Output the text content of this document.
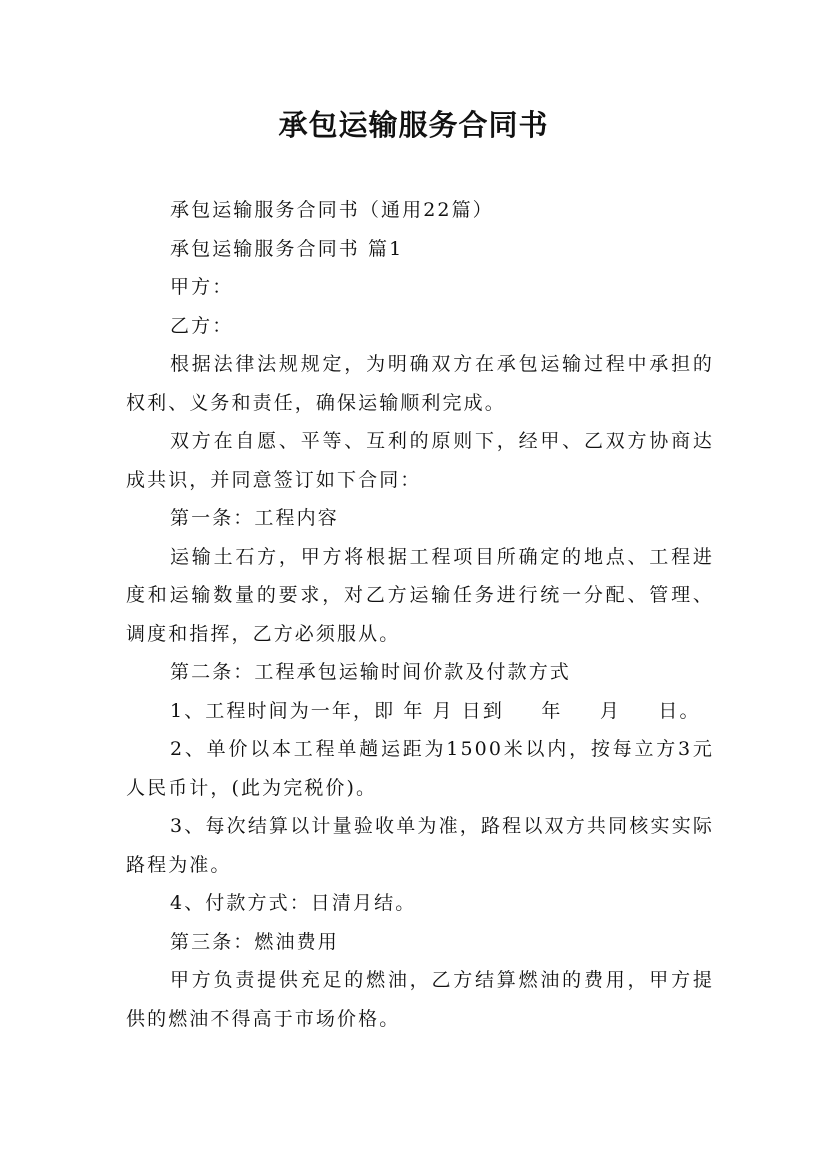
承包运输服务合同书

承包运输服务合同书（通用22篇）

承包运输服务合同书 篇1

甲方：

乙方：

根据法律法规规定，为明确双方在承包运输过程中承担的权利、义务和责任，确保运输顺利完成。

双方在自愿、平等、互利的原则下，经甲、乙双方协商达成共识，并同意签订如下合同：

第一条：工程内容

运输土石方，甲方将根据工程项目所确定的地点、工程进度和运输数量的要求，对乙方运输任务进行统一分配、管理、调度和指挥，乙方必须服从。

第二条：工程承包运输时间价款及付款方式

1、工程时间为一年，即 年 月 日到　  年　  月　  日。

2、单价以本工程单趟运距为1500米以内，按每立方3元人民币计，(此为完税价)。

3、每次结算以计量验收单为准，路程以双方共同核实实际路程为准。

4、付款方式：日清月结。

第三条：燃油费用

甲方负责提供充足的燃油，乙方结算燃油的费用，甲方提供的燃油不得高于市场价格。
